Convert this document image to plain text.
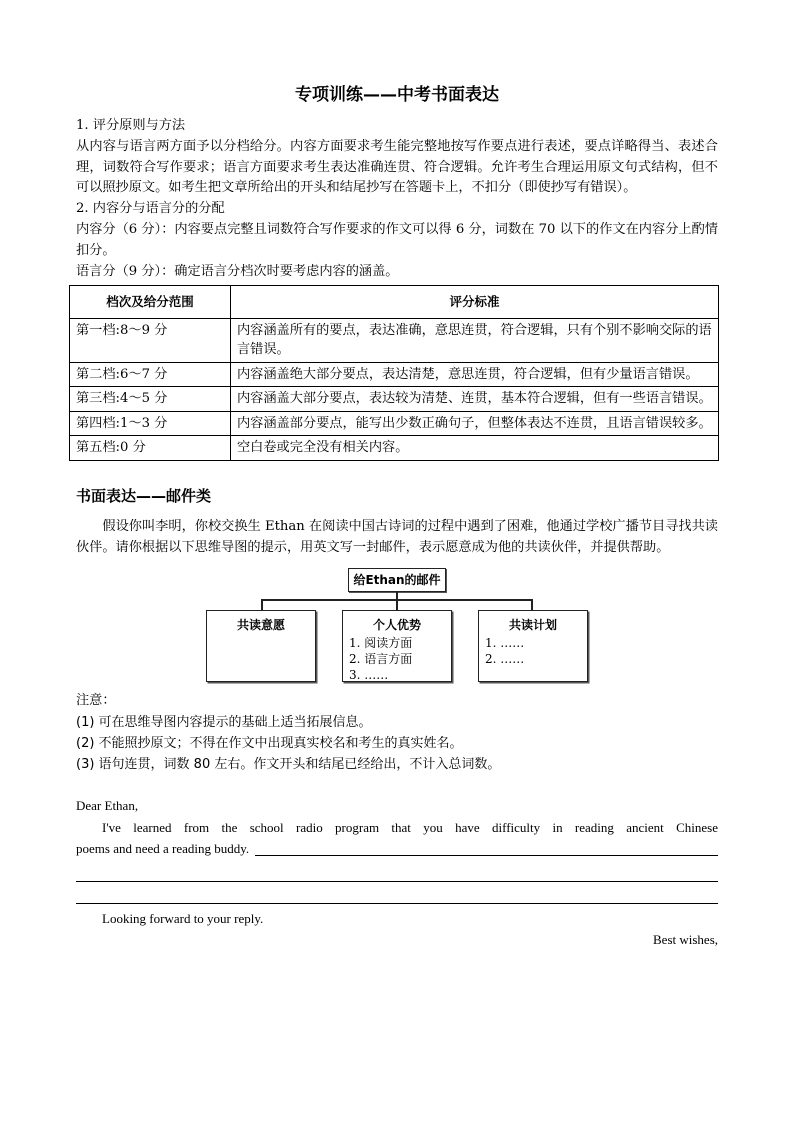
专项训练——中考书面表达

1. 评分原则与方法

从内容与语言两方面予以分档给分。内容方面要求考生能完整地按写作要点进行表述，要点详略得当、表述合理，词数符合写作要求；语言方面要求考生表达准确连贯、符合逻辑。允许考生合理运用原文句式结构，但不可以照抄原文。如考生把文章所给出的开头和结尾抄写在答题卡上，不扣分（即使抄写有错误）。

2. 内容分与语言分的分配

内容分（6 分）：内容要点完整且词数符合写作要求的作文可以得 6 分，词数在 70 以下的作文在内容分上酌情扣分。

语言分（9 分）：确定语言分档次时要考虑内容的涵盖。

档次及给分范围	评分标准
第一档:8～9 分	内容涵盖所有的要点，表达准确，意思连贯，符合逻辑，只有个别不影响交际的语言错误。
第二档:6～7 分	内容涵盖绝大部分要点，表达清楚，意思连贯，符合逻辑，但有少量语言错误。
第三档:4～5 分	内容涵盖大部分要点，表达较为清楚、连贯，基本符合逻辑，但有一些语言错误。
第四档:1～3 分	内容涵盖部分要点，能写出少数正确句子，但整体表达不连贯，且语言错误较多。
第五档:0 分	空白卷或完全没有相关内容。
书面表达——邮件类

假设你叫李明，你校交换生 Ethan 在阅读中国古诗词的过程中遇到了困难，他通过学校广播节目寻找共读伙伴。请你根据以下思维导图的提示，用英文写一封邮件，表示愿意成为他的共读伙伴，并提供帮助。

给Ethan的邮件
共读意愿	个人优势
1. 阅读方面
2. 语言方面
3. ……
共读计划
1. ……
2. ……

注意：

(1) 可在思维导图内容提示的基础上适当拓展信息。
(2) 不能照抄原文；不得在作文中出现真实校名和考生的真实姓名。
(3) 语句连贯，词数 80 左右。作文开头和结尾已经给出，不计入总词数。

Dear Ethan,

I've learned from the school radio program that you have difficulty in reading ancient Chinese

poems and need a reading buddy.

Looking forward to your reply.

Best wishes,
